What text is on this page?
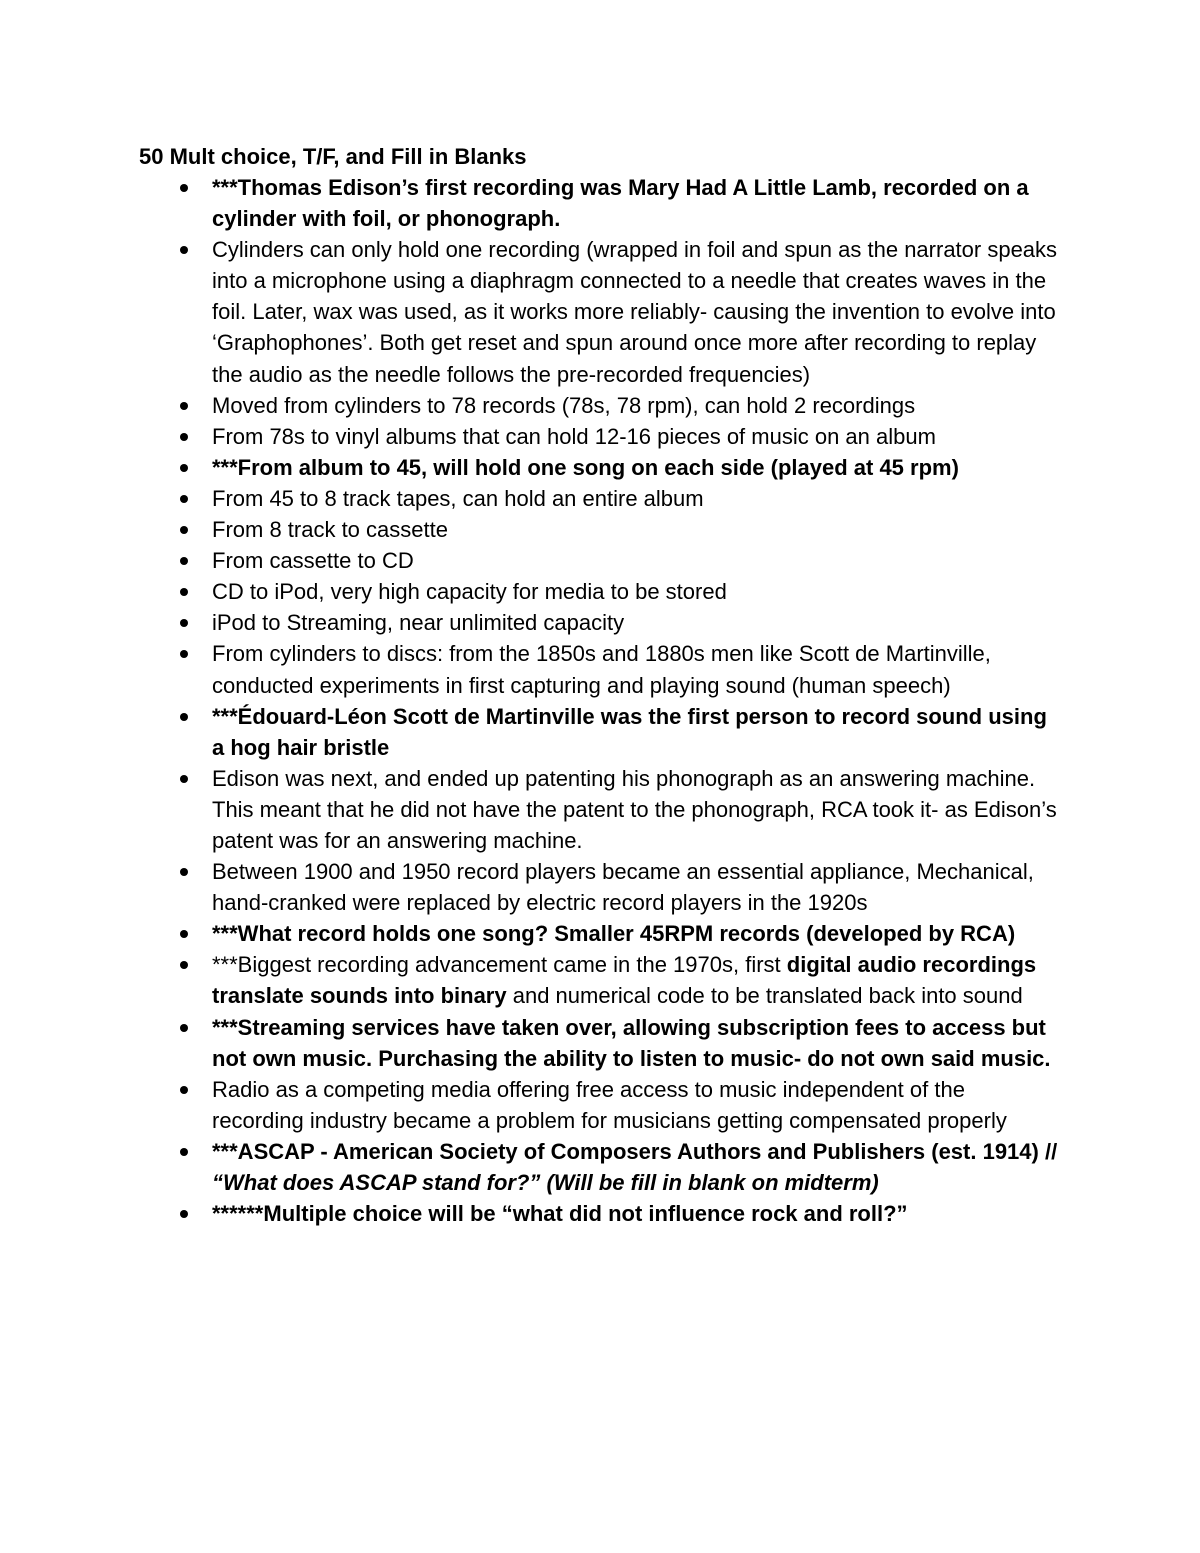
50 Mult choice, T/F, and Fill in Blanks
***Thomas Edison’s first recording was Mary Had A Little Lamb, recorded on a cylinder with foil, or phonograph.
Cylinders can only hold one recording (wrapped in foil and spun as the narrator speaks into a microphone using a diaphragm connected to a needle that creates waves in the foil. Later, wax was used, as it works more reliably- causing the invention to evolve into ‘Graphophones’. Both get reset and spun around once more after recording to replay the audio as the needle follows the pre-recorded frequencies)
Moved from cylinders to 78 records (78s, 78 rpm), can hold 2 recordings
From 78s to vinyl albums that can hold 12-16 pieces of music on an album
***From album to 45, will hold one song on each side (played at 45 rpm)
From 45 to 8 track tapes, can hold an entire album
From 8 track to cassette
From cassette to CD
CD to iPod, very high capacity for media to be stored
iPod to Streaming, near unlimited capacity
From cylinders to discs: from the 1850s and 1880s men like Scott de Martinville, conducted experiments in first capturing and playing sound (human speech)
***Édouard-Léon Scott de Martinville was the first person to record sound using a hog hair bristle
Edison was next, and ended up patenting his phonograph as an answering machine. This meant that he did not have the patent to the phonograph, RCA took it- as Edison’s patent was for an answering machine.
Between 1900 and 1950 record players became an essential appliance, Mechanical, hand-cranked were replaced by electric record players in the 1920s
***What record holds one song? Smaller 45RPM records (developed by RCA)
***Biggest recording advancement came in the 1970s, first digital audio recordings translate sounds into binary and numerical code to be translated back into sound
***Streaming services have taken over, allowing subscription fees to access but not own music. Purchasing the ability to listen to music- do not own said music.
Radio as a competing media offering free access to music independent of the recording industry became a problem for musicians getting compensated properly
***ASCAP - American Society of Composers Authors and Publishers (est. 1914) // “What does ASCAP stand for?” (Will be fill in blank on midterm)
******Multiple choice will be “what did not influence rock and roll?”
